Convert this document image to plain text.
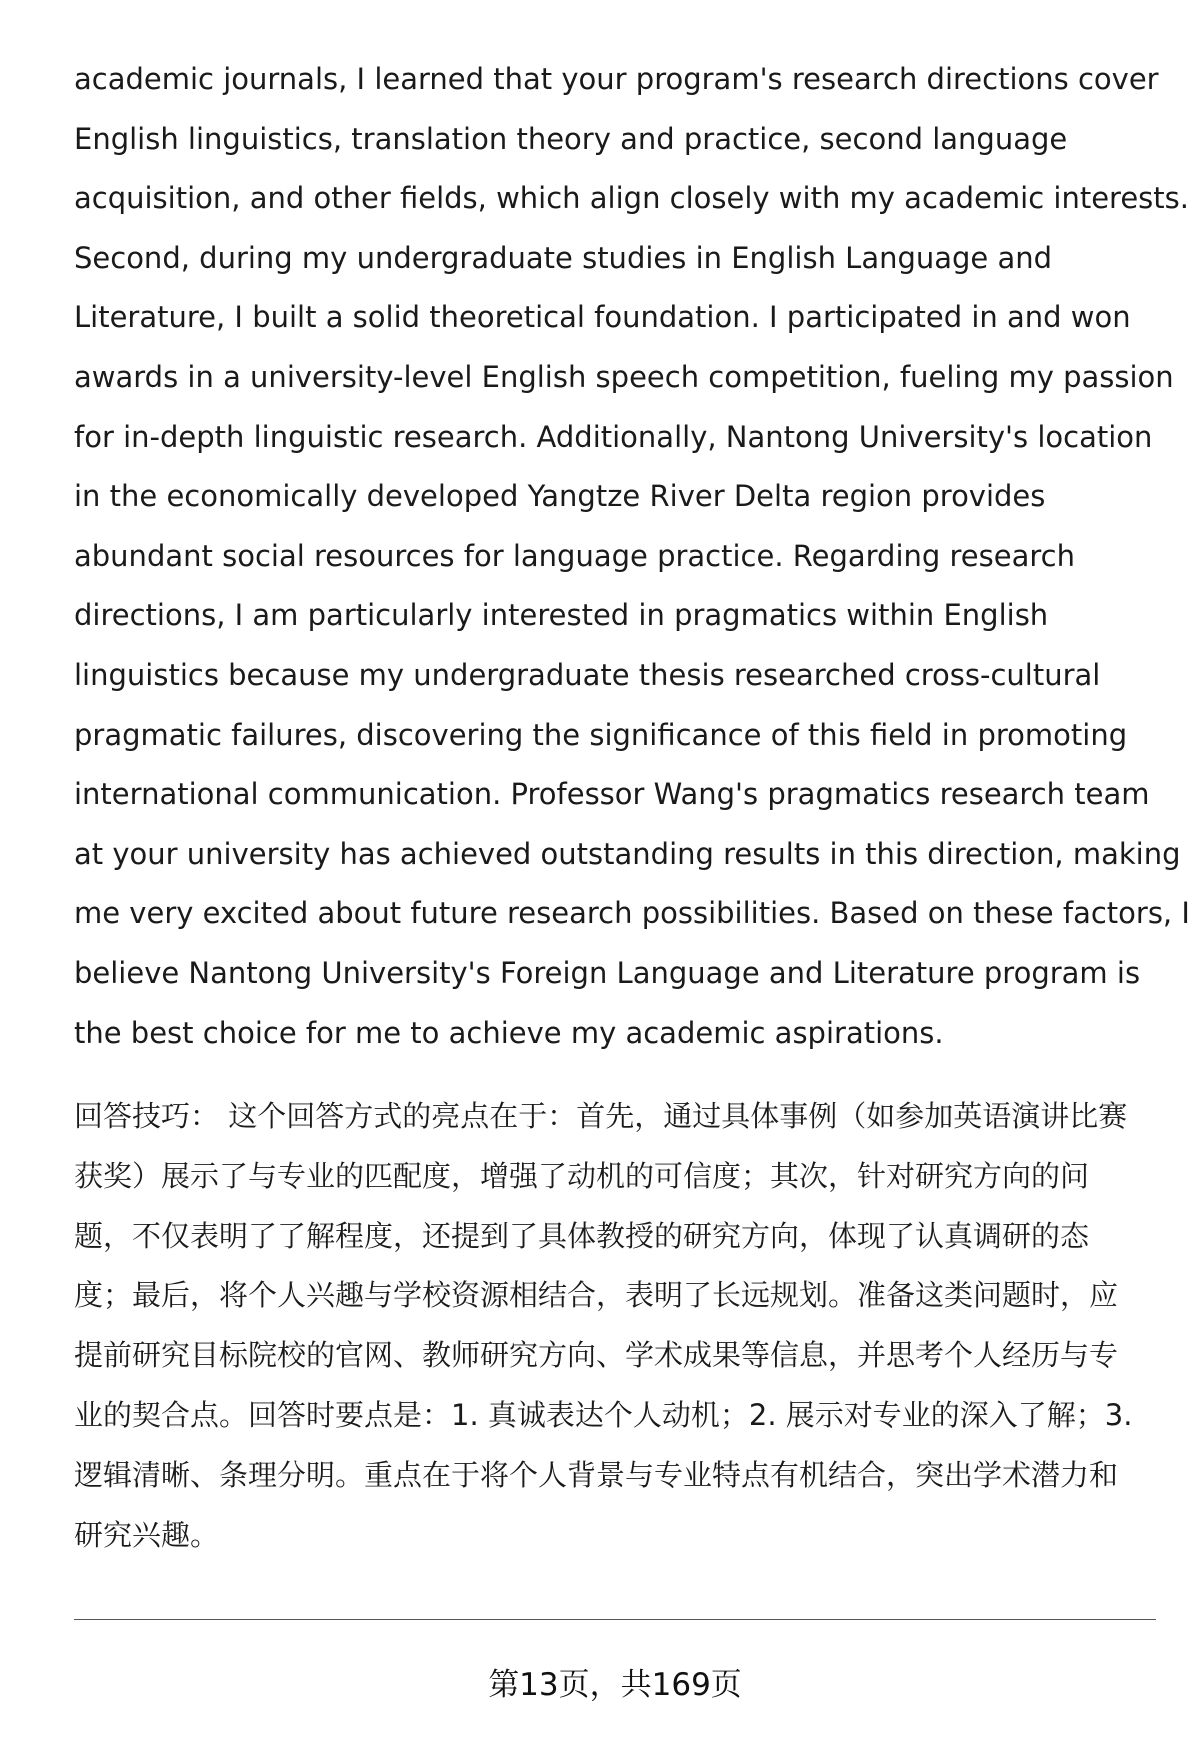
academic journals, I learned that your program's research directions cover
English linguistics, translation theory and practice, second language
acquisition, and other fields, which align closely with my academic interests.
Second, during my undergraduate studies in English Language and
Literature, I built a solid theoretical foundation. I participated in and won
awards in a university-level English speech competition, fueling my passion
for in-depth linguistic research. Additionally, Nantong University's location
in the economically developed Yangtze River Delta region provides
abundant social resources for language practice. Regarding research
directions, I am particularly interested in pragmatics within English
linguistics because my undergraduate thesis researched cross-cultural
pragmatic failures, discovering the significance of this field in promoting
international communication. Professor Wang's pragmatics research team
at your university has achieved outstanding results in this direction, making
me very excited about future research possibilities. Based on these factors, I
believe Nantong University's Foreign Language and Literature program is
the best choice for me to achieve my academic aspirations.

回答技巧： 这个回答方式的亮点在于：首先，通过具体事例（如参加英语演讲比赛
获奖）展示了与专业的匹配度，增强了动机的可信度；其次，针对研究方向的问
题，不仅表明了了解程度，还提到了具体教授的研究方向，体现了认真调研的态
度；最后，将个人兴趣与学校资源相结合，表明了长远规划。准备这类问题时，应
提前研究目标院校的官网、教师研究方向、学术成果等信息，并思考个人经历与专
业的契合点。回答时要点是：1. 真诚表达个人动机；2. 展示对专业的深入了解；3.
逻辑清晰、条理分明。重点在于将个人背景与专业特点有机结合，突出学术潜力和
研究兴趣。

第13页，共169页
